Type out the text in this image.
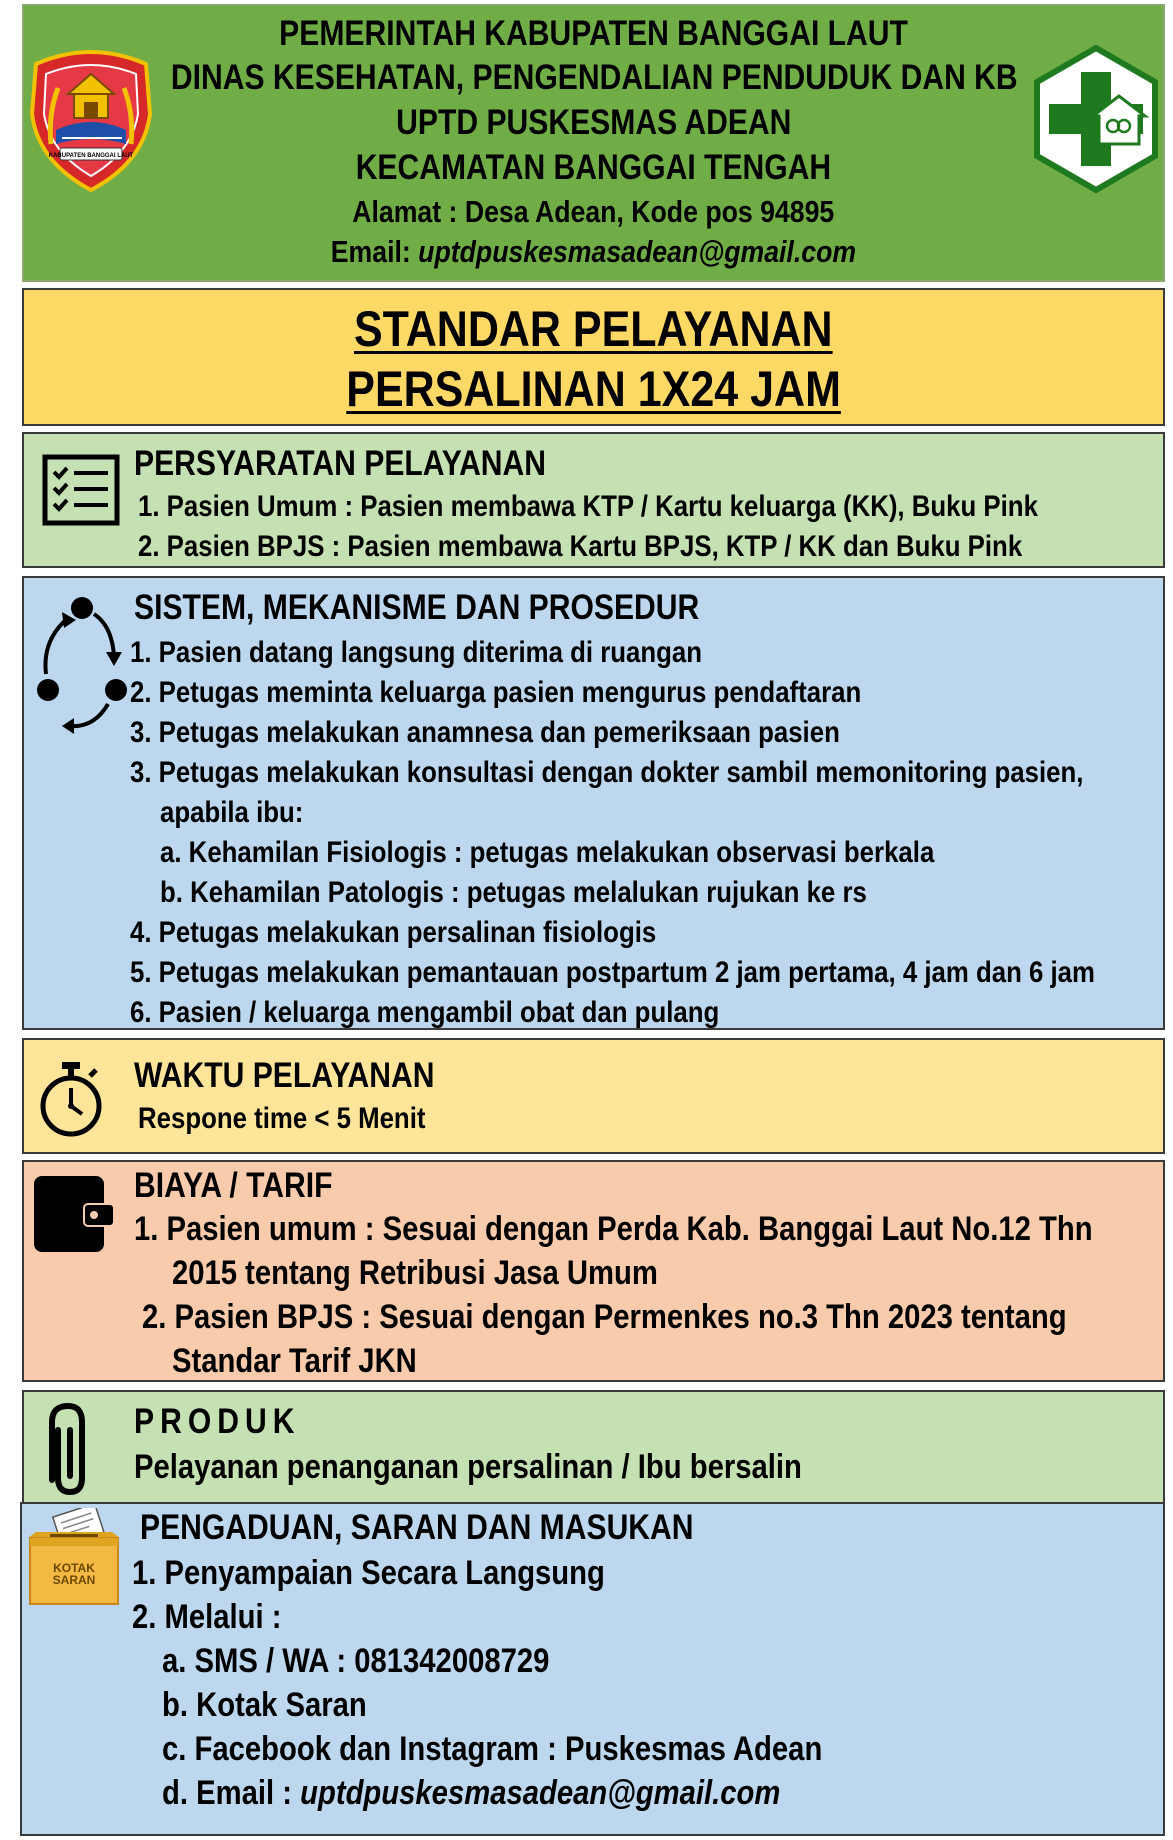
KABUPATEN BANGGAI LAUT
PEMERINTAH KABUPATEN BANGGAI LAUT
DINAS KESEHATAN, PENGENDALIAN PENDUDUK DAN KB
UPTD PUSKESMAS ADEAN
KECAMATAN BANGGAI TENGAH
Alamat : Desa Adean, Kode pos 94895
Email: uptdpuskesmasadean@gmail.com
STANDAR PELAYANAN
PERSALINAN 1X24 JAM
PERSYARATAN PELAYANAN
1. Pasien Umum : Pasien membawa KTP / Kartu keluarga (KK), Buku Pink
2. Pasien BPJS : Pasien membawa Kartu BPJS, KTP / KK dan Buku Pink
SISTEM, MEKANISME DAN PROSEDUR
1. Pasien datang langsung diterima di ruangan
2. Petugas meminta keluarga pasien mengurus pendaftaran
3. Petugas melakukan anamnesa dan pemeriksaan pasien
3. Petugas melakukan konsultasi dengan dokter sambil memonitoring pasien,
apabila ibu:
a. Kehamilan Fisiologis : petugas melakukan observasi berkala
b. Kehamilan Patologis : petugas melalukan rujukan ke rs
4. Petugas melakukan persalinan fisiologis
5. Petugas melakukan pemantauan postpartum 2 jam pertama, 4 jam dan 6 jam
6. Pasien / keluarga mengambil obat dan pulang
WAKTU PELAYANAN
Respone time < 5 Menit
BIAYA / TARIF
1. Pasien umum : Sesuai dengan Perda Kab. Banggai Laut No.12 Thn
2015 tentang Retribusi Jasa Umum
2. Pasien BPJS : Sesuai dengan Permenkes no.3 Thn 2023 tentang
Standar Tarif JKN
PRODUK
Pelayanan penanganan persalinan / Ibu bersalin
KOTAK
SARAN
PENGADUAN, SARAN DAN MASUKAN
1. Penyampaian Secara Langsung
2. Melalui :
a. SMS / WA : 081342008729
b. Kotak Saran
c. Facebook dan Instagram : Puskesmas Adean
d. Email : uptdpuskesmasadean@gmail.com
